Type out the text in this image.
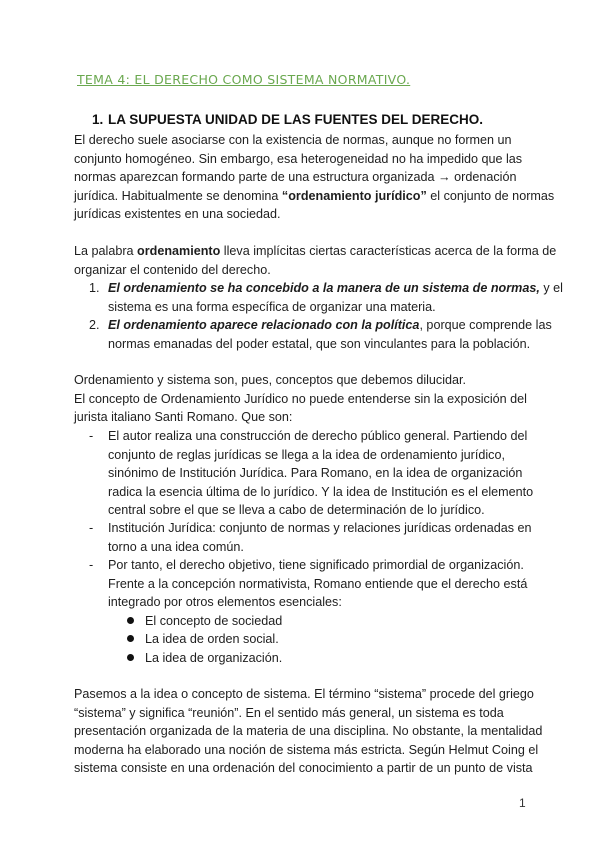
TEMA 4: EL DERECHO COMO SISTEMA NORMATIVO.
1. LA SUPUESTA UNIDAD DE LAS FUENTES DEL DERECHO.
El derecho suele asociarse con la existencia de normas, aunque no formen un
conjunto homogéneo. Sin embargo, esa heterogeneidad no ha impedido que las
normas aparezcan formando parte de una estructura organizada → ordenación
jurídica. Habitualmente se denomina “ordenamiento jurídico” el conjunto de normas
jurídicas existentes en una sociedad.
La palabra ordenamiento lleva implícitas ciertas características acerca de la forma de
organizar el contenido del derecho.
1. El ordenamiento se ha concebido a la manera de un sistema de normas, y el
sistema es una forma específica de organizar una materia.
2. El ordenamiento aparece relacionado con la política, porque comprende las
normas emanadas del poder estatal, que son vinculantes para la población.
Ordenamiento y sistema son, pues, conceptos que debemos dilucidar.
El concepto de Ordenamiento Jurídico no puede entenderse sin la exposición del
jurista italiano Santi Romano. Que son:
-	El autor realiza una construcción de derecho público general. Partiendo del
conjunto de reglas jurídicas se llega a la idea de ordenamiento jurídico,
sinónimo de Institución Jurídica. Para Romano, en la idea de organización
radica la esencia última de lo jurídico. Y la idea de Institución es el elemento
central sobre el que se lleva a cabo de determinación de lo jurídico.
-	Institución Jurídica: conjunto de normas y relaciones jurídicas ordenadas en
torno a una idea común.
-	Por tanto, el derecho objetivo, tiene significado primordial de organización.
Frente a la concepción normativista, Romano entiende que el derecho está
integrado por otros elementos esenciales:
El concepto de sociedad
La idea de orden social.
La idea de organización.
Pasemos a la idea o concepto de sistema. El término “sistema” procede del griego
“sistema” y significa “reunión”. En el sentido más general, un sistema es toda
presentación organizada de la materia de una disciplina. No obstante, la mentalidad
moderna ha elaborado una noción de sistema más estricta. Según Helmut Coing el
sistema consiste en una ordenación del conocimiento a partir de un punto de vista
1
